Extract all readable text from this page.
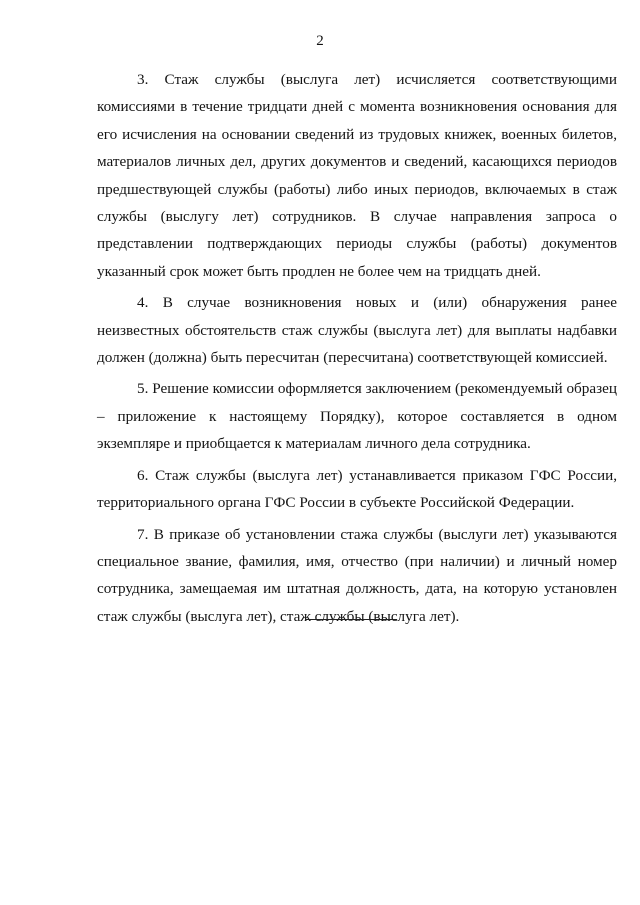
2

3. Стаж службы (выслуга лет) исчисляется соответствующими комиссиями в течение тридцати дней с момента возникновения основания для его исчисления на основании сведений из трудовых книжек, военных билетов, материалов личных дел, других документов и сведений, касающихся периодов предшествующей службы (работы) либо иных периодов, включаемых в стаж службы (выслугу лет) сотрудников. В случае направления запроса о представлении подтверждающих периоды службы (работы) документов указанный срок может быть продлен не более чем на тридцать дней.

4. В случае возникновения новых и (или) обнаружения ранее неизвестных обстоятельств стаж службы (выслуга лет) для выплаты надбавки должен (должна) быть пересчитан (пересчитана) соответствующей комиссией.

5. Решение комиссии оформляется заключением (рекомендуемый образец – приложение к настоящему Порядку), которое составляется в одном экземпляре и приобщается к материалам личного дела сотрудника.

6. Стаж службы (выслуга лет) устанавливается приказом ГФС России, территориального органа ГФС России в субъекте Российской Федерации.

7. В приказе об установлении стажа службы (выслуги лет) указываются специальное звание, фамилия, имя, отчество (при наличии) и личный номер сотрудника, замещаемая им штатная должность, дата, на которую установлен стаж службы (выслуга лет), стаж службы (выслуга лет).
